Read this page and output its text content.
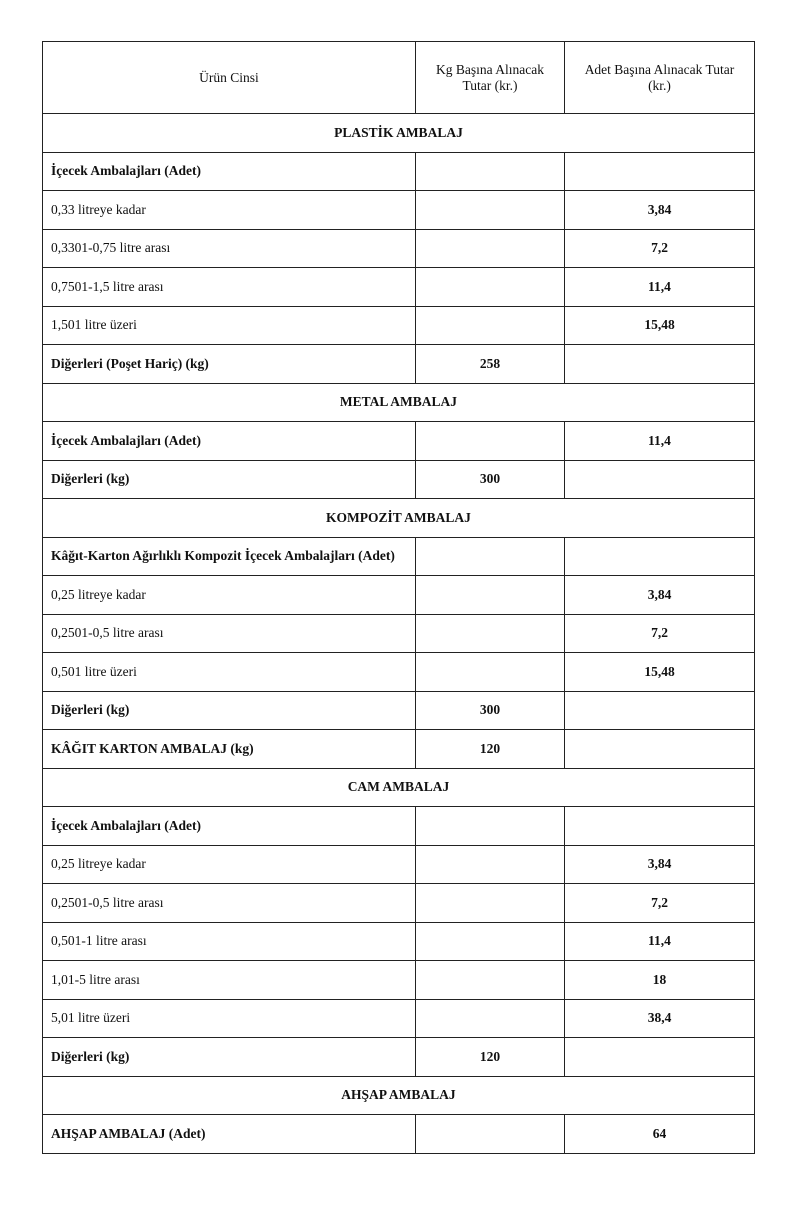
Ürün Cinsi	Kg Başına Alınacak Tutar (kr.)	Adet Başına Alınacak Tutar (kr.)
PLASTİK AMBALAJ		
İçecek Ambalajları (Adet)		
0,33 litreye kadar		3,84
0,3301-0,75 litre arası		7,2
0,7501-1,5 litre arası		11,4
1,501 litre üzeri		15,48
Diğerleri (Poşet Hariç) (kg)	258	
METAL AMBALAJ		
İçecek Ambalajları (Adet)		11,4
Diğerleri (kg)	300	
KOMPOZİT AMBALAJ		
Kâğıt-Karton Ağırlıklı Kompozit İçecek Ambalajları (Adet)		
0,25 litreye kadar		3,84
0,2501-0,5 litre arası		7,2
0,501 litre üzeri		15,48
Diğerleri (kg)	300	
KÂĞIT KARTON AMBALAJ (kg)	120	
CAM AMBALAJ		
İçecek Ambalajları (Adet)		
0,25 litreye kadar		3,84
0,2501-0,5 litre arası		7,2
0,501-1 litre arası		11,4
1,01-5 litre arası		18
5,01 litre üzeri		38,4
Diğerleri (kg)	120	
AHŞAP AMBALAJ		
AHŞAP AMBALAJ (Adet)		64
